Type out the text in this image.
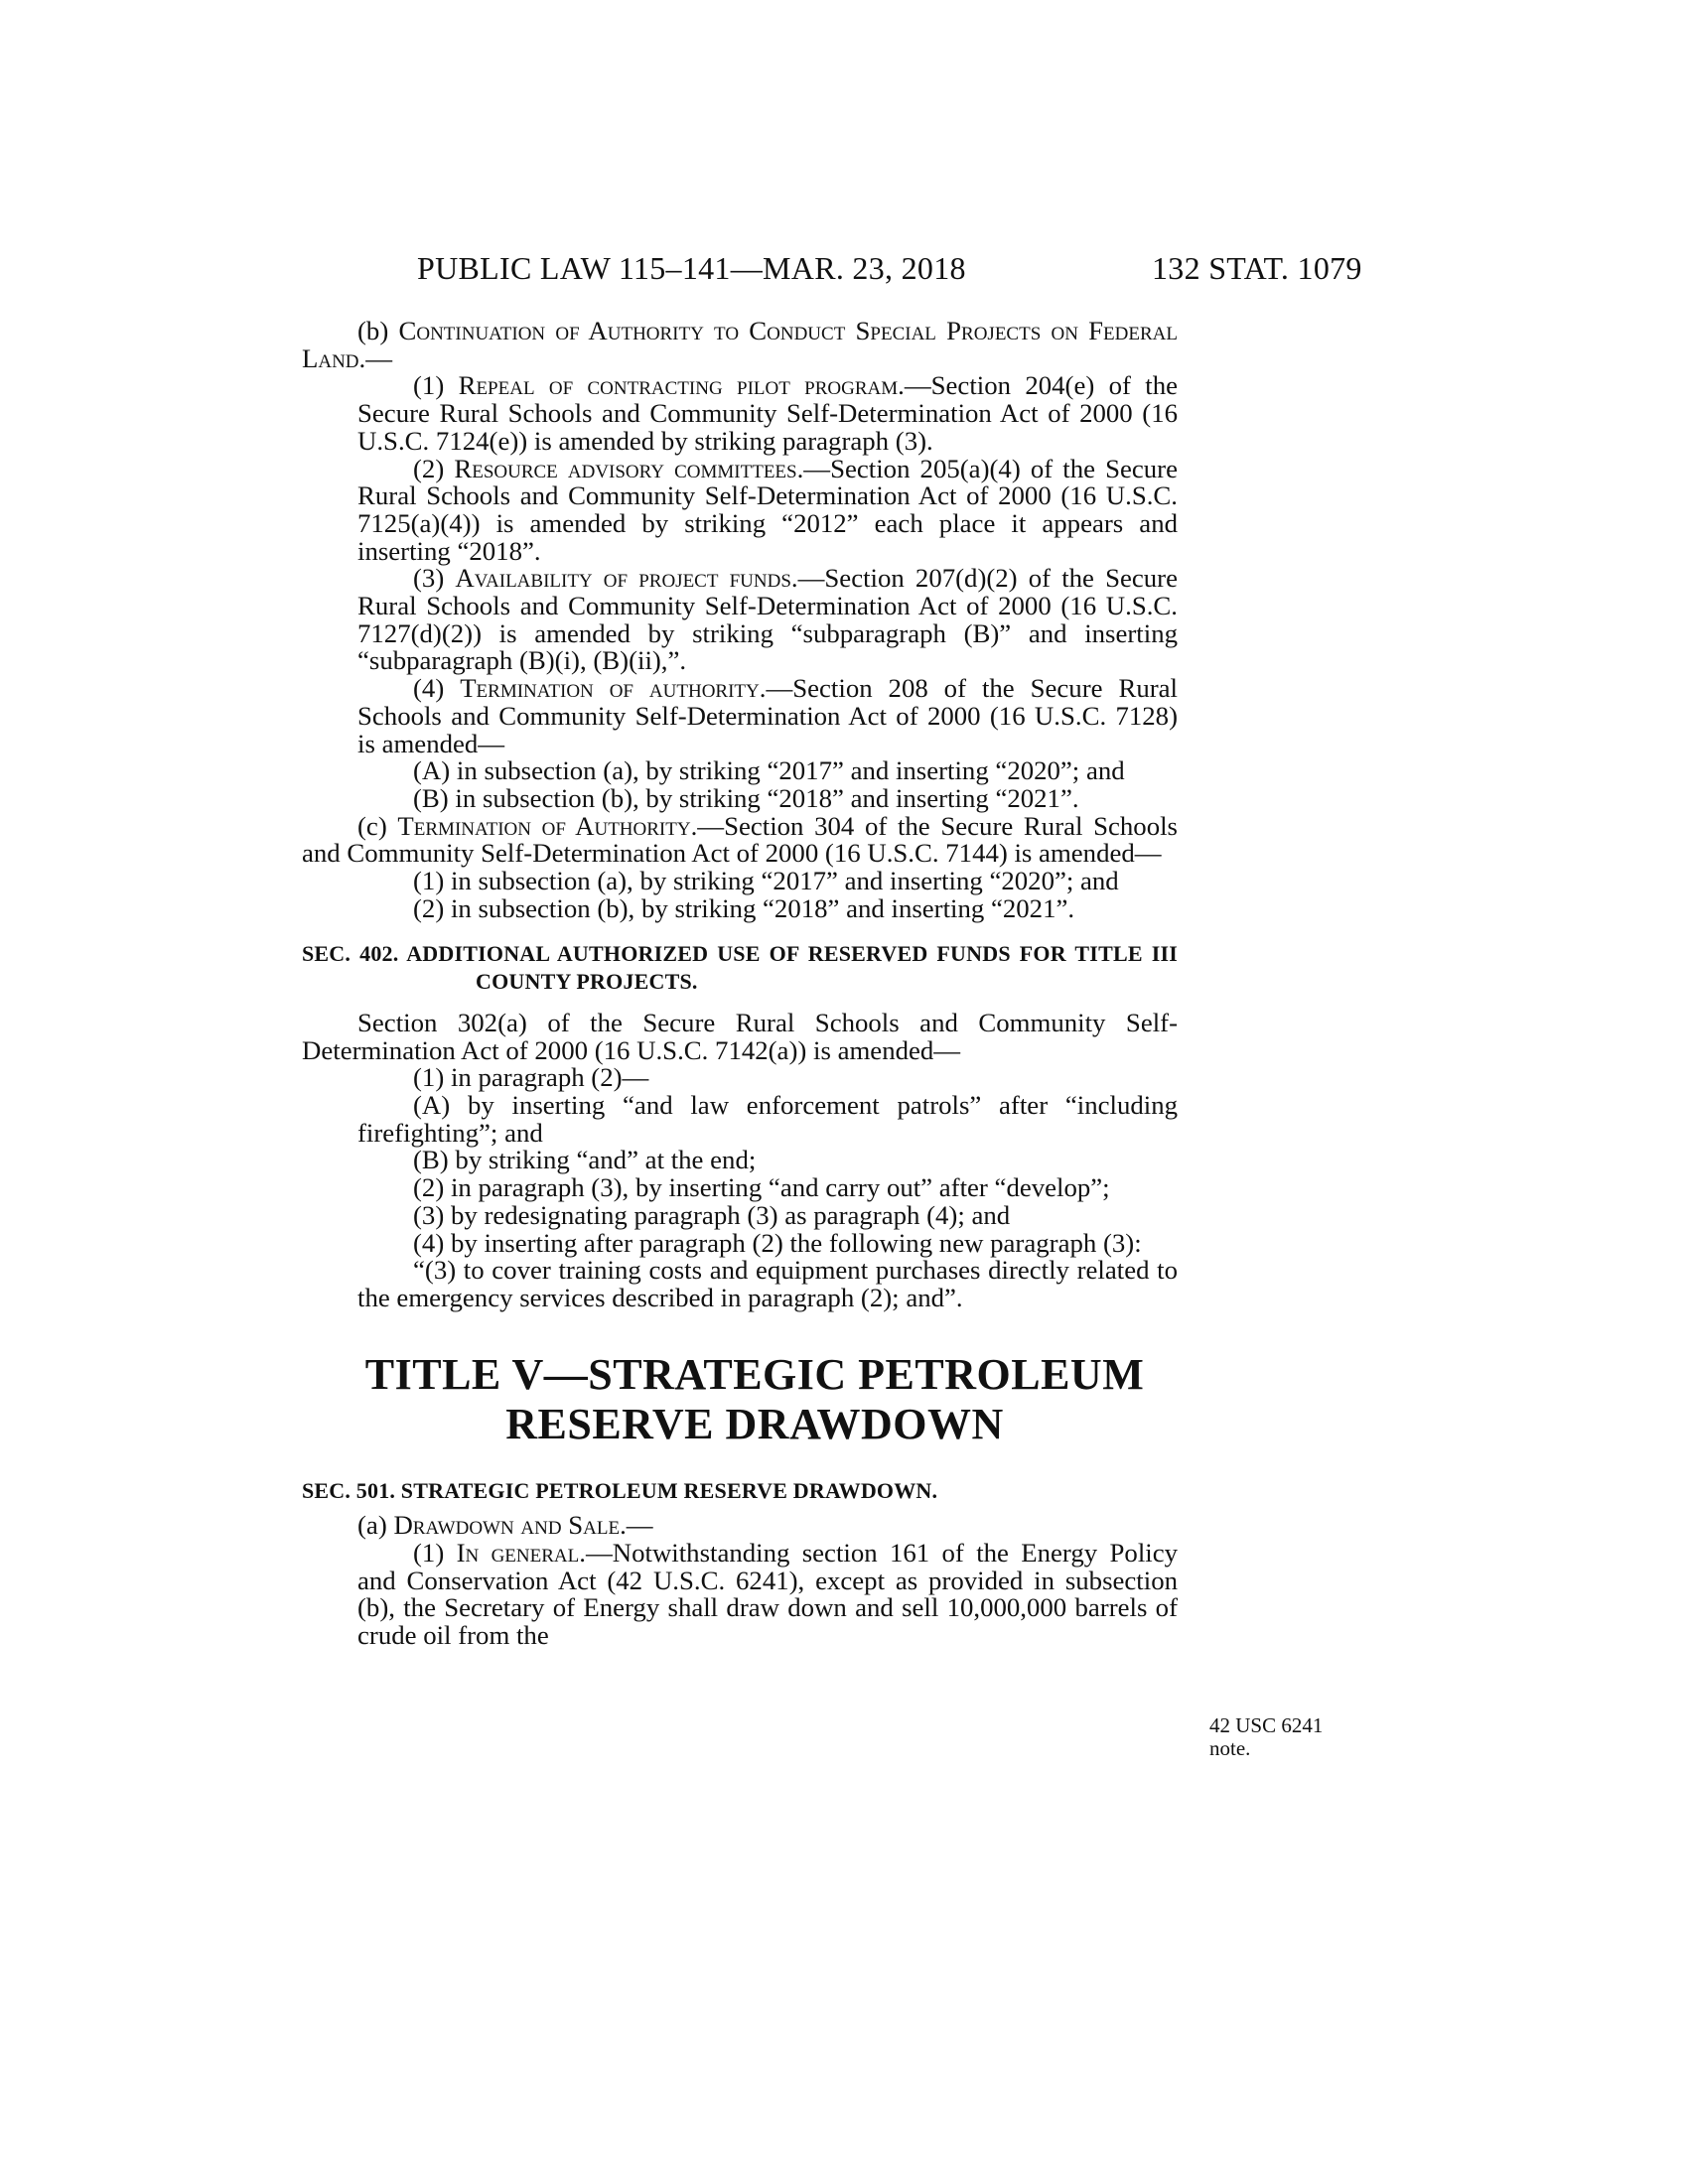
PUBLIC LAW 115–141—MAR. 23, 2018	132 STAT. 1079

(b) Continuation of Authority to Conduct Special Projects on Federal Land.—

(1) Repeal of contracting pilot program.—Section 204(e) of the Secure Rural Schools and Community Self-Determination Act of 2000 (16 U.S.C. 7124(e)) is amended by striking paragraph (3).

(2) Resource advisory committees.—Section 205(a)(4) of the Secure Rural Schools and Community Self-Determination Act of 2000 (16 U.S.C. 7125(a)(4)) is amended by striking “2012” each place it appears and inserting “2018”.

(3) Availability of project funds.—Section 207(d)(2) of the Secure Rural Schools and Community Self-Determination Act of 2000 (16 U.S.C. 7127(d)(2)) is amended by striking “subparagraph (B)” and inserting “subparagraph (B)(i), (B)(ii),”.

(4) Termination of authority.—Section 208 of the Secure Rural Schools and Community Self-Determination Act of 2000 (16 U.S.C. 7128) is amended—

(A) in subsection (a), by striking “2017” and inserting “2020”; and

(B) in subsection (b), by striking “2018” and inserting “2021”.

(c) Termination of Authority.—Section 304 of the Secure Rural Schools and Community Self-Determination Act of 2000 (16 U.S.C. 7144) is amended—

(1) in subsection (a), by striking “2017” and inserting “2020”; and

(2) in subsection (b), by striking “2018” and inserting “2021”.

SEC. 402. ADDITIONAL AUTHORIZED USE OF RESERVED FUNDS FOR TITLE III COUNTY PROJECTS.

Section 302(a) of the Secure Rural Schools and Community Self-Determination Act of 2000 (16 U.S.C. 7142(a)) is amended—

(1) in paragraph (2)—

(A) by inserting “and law enforcement patrols” after “including firefighting”; and

(B) by striking “and” at the end;

(2) in paragraph (3), by inserting “and carry out” after “develop”;

(3) by redesignating paragraph (3) as paragraph (4); and

(4) by inserting after paragraph (2) the following new paragraph (3):

“(3) to cover training costs and equipment purchases directly related to the emergency services described in paragraph (2); and”.

TITLE V—STRATEGIC PETROLEUM
RESERVE DRAWDOWN

SEC. 501. STRATEGIC PETROLEUM RESERVE DRAWDOWN.

(a) Drawdown and Sale.—

(1) In general.—Notwithstanding section 161 of the Energy Policy and Conservation Act (42 U.S.C. 6241), except as provided in subsection (b), the Secretary of Energy shall draw down and sell 10,000,000 barrels of crude oil from the

42 USC 6241
note.
